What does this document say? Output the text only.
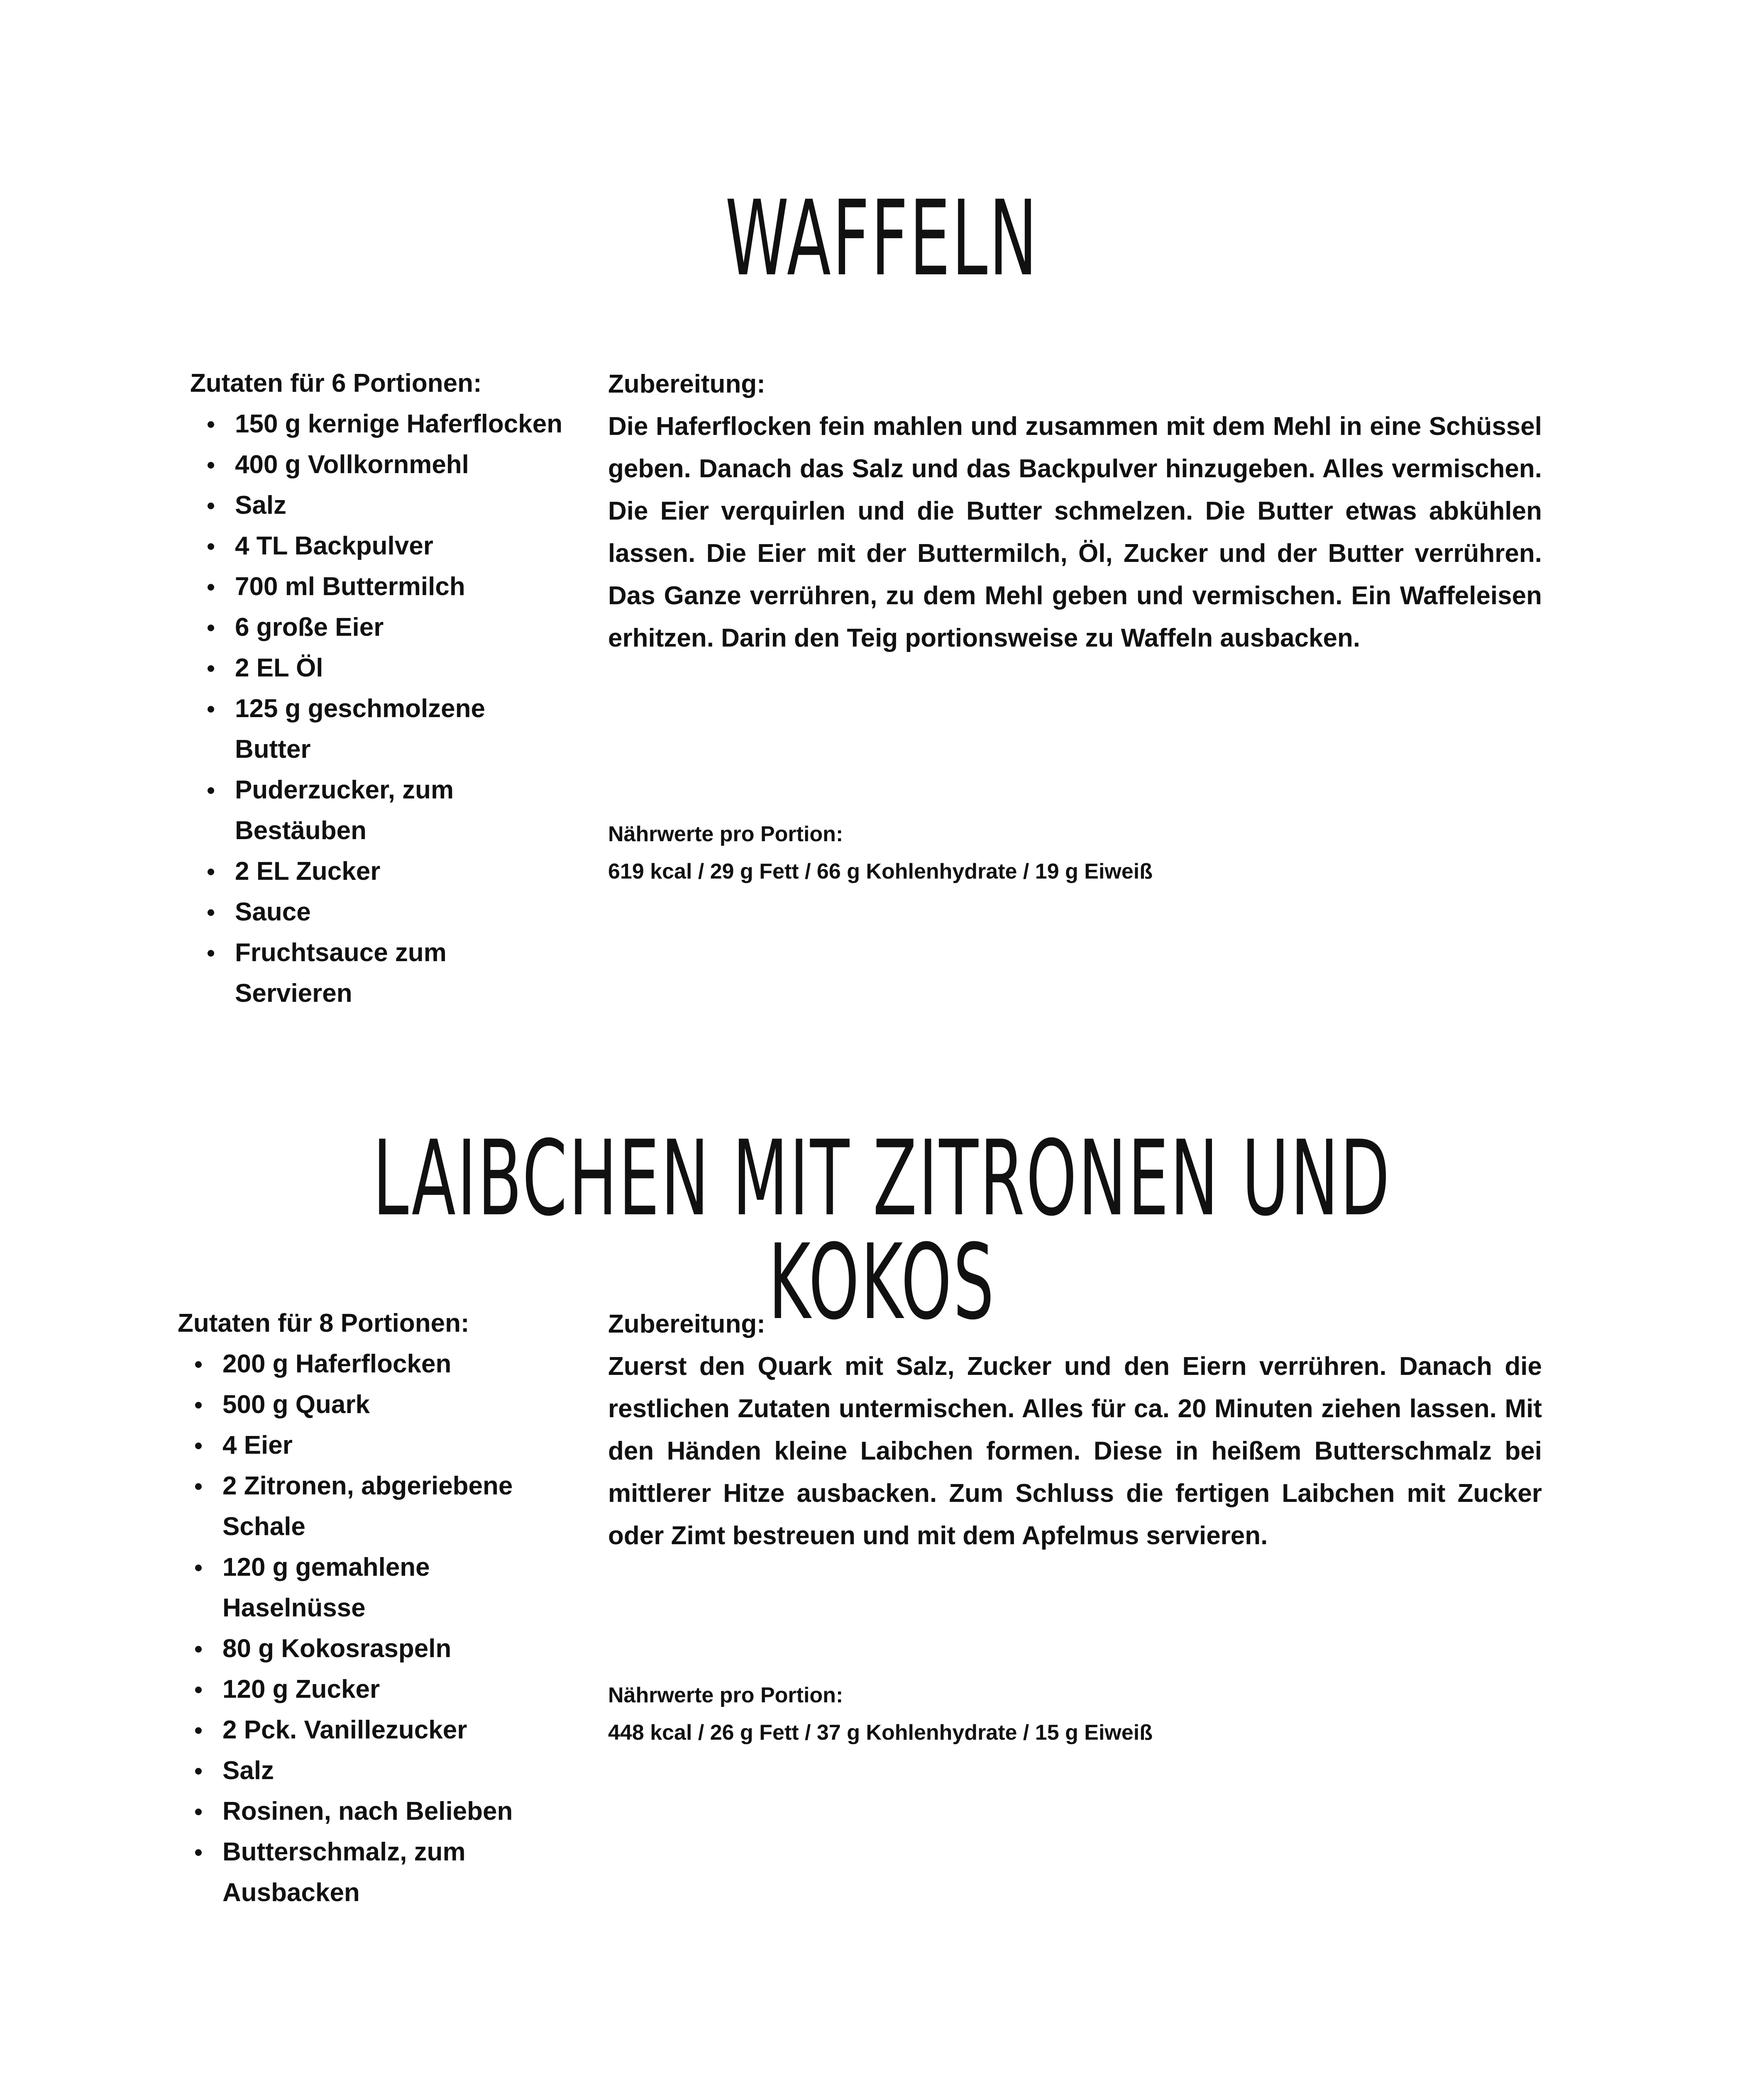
WAFFELN
Zutaten für 6 Portionen:
150 g kernige Haferflocken
400 g Vollkornmehl
Salz
4 TL Backpulver
700 ml Buttermilch
6 große Eier
2 EL Öl
125 g geschmolzene Butter
Puderzucker, zum Bestäuben
2 EL Zucker
Sauce
Fruchtsauce zum Servieren
Zubereitung:

Die Haferflocken fein mahlen und zusammen mit dem Mehl in eine Schüssel geben. Danach das Salz und das Backpulver hinzugeben. Alles vermischen. Die Eier verquirlen und die Butter schmelzen. Die Butter etwas abkühlen lassen. Die Eier mit der Buttermilch, Öl, Zucker und der Butter verrühren. Das Ganze verrühren, zu dem Mehl geben und vermischen. Ein Waffeleisen erhitzen. Darin den Teig portionsweise zu Waffeln ausbacken.

Nährwerte pro Portion:
619 kcal / 29 g Fett / 66 g Kohlenhydrate / 19 g Eiweiß
LAIBCHEN MIT ZITRONEN UND KOKOS
Zutaten für 8 Portionen:
200 g Haferflocken
500 g Quark
4 Eier
2 Zitronen, abgeriebene Schale
120 g gemahlene Haselnüsse
80 g Kokosraspeln
120 g Zucker
2 Pck. Vanillezucker
Salz
Rosinen, nach Belieben
Butterschmalz, zum Ausbacken
Zubereitung:

Zuerst den Quark mit Salz, Zucker und den Eiern verrühren. Danach die restlichen Zutaten untermischen. Alles für ca. 20 Minuten ziehen lassen. Mit den Händen kleine Laibchen formen. Diese in heißem Butterschmalz bei mittlerer Hitze ausbacken. Zum Schluss die fertigen Laibchen mit Zucker oder Zimt bestreuen und mit dem Apfelmus servieren.

Nährwerte pro Portion:
448 kcal / 26 g Fett / 37 g Kohlenhydrate / 15 g Eiweiß
